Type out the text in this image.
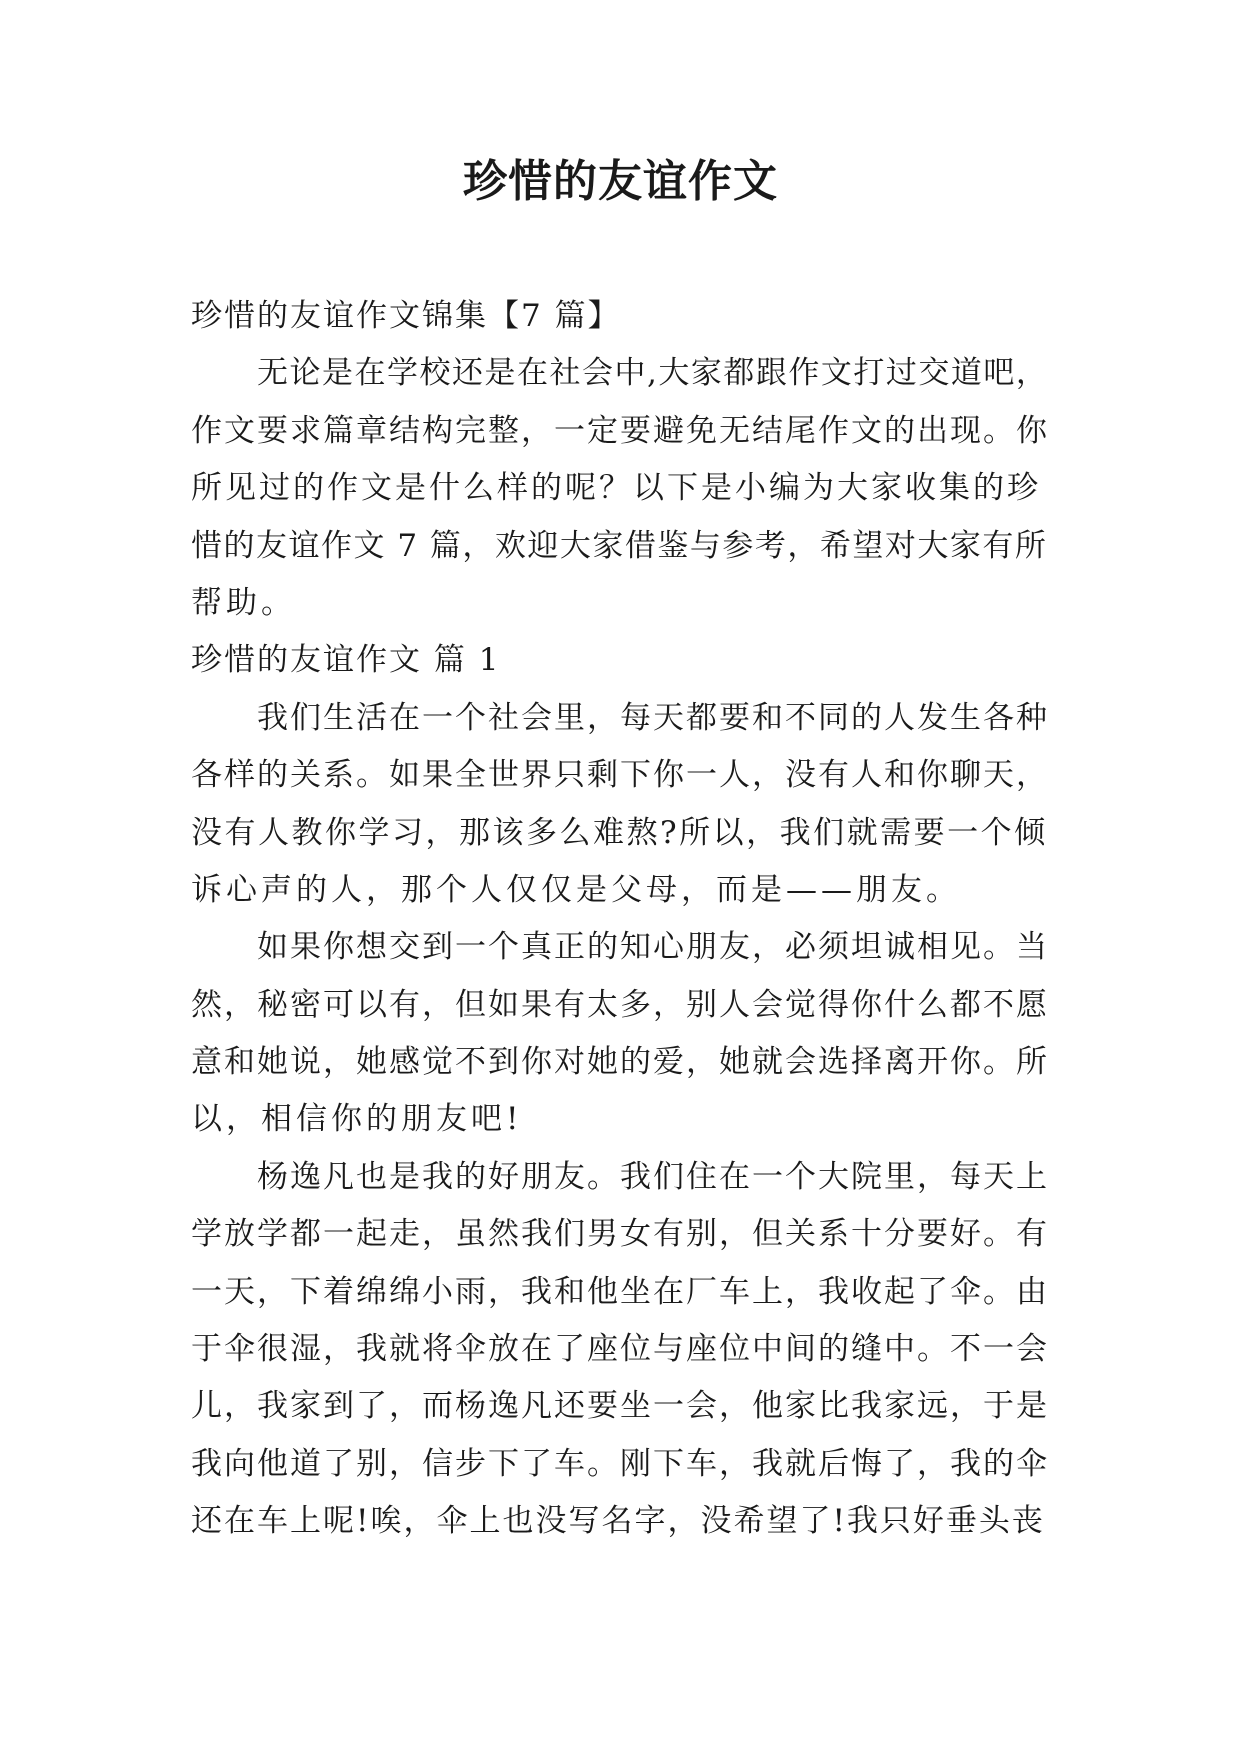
珍惜的友谊作文

珍惜的友谊作文锦集【7 篇】

无论是在学校还是在社会中,大家都跟作文打过交道吧，

作文要求篇章结构完整，一定要避免无结尾作文的出现。你

所见过的作文是什么样的呢？以下是小编为大家收集的珍

惜的友谊作文 7 篇，欢迎大家借鉴与参考，希望对大家有所

帮助。

珍惜的友谊作文 篇 1

我们生活在一个社会里，每天都要和不同的人发生各种

各样的关系。如果全世界只剩下你一人，没有人和你聊天，

没有人教你学习，那该多么难熬?所以，我们就需要一个倾

诉心声的人，那个人仅仅是父母，而是——朋友。

如果你想交到一个真正的知心朋友，必须坦诚相见。当

然，秘密可以有，但如果有太多，别人会觉得你什么都不愿

意和她说，她感觉不到你对她的爱，她就会选择离开你。所

以，相信你的朋友吧!

杨逸凡也是我的好朋友。我们住在一个大院里，每天上

学放学都一起走，虽然我们男女有别，但关系十分要好。有

一天，下着绵绵小雨，我和他坐在厂车上，我收起了伞。由

于伞很湿，我就将伞放在了座位与座位中间的缝中。不一会

儿，我家到了，而杨逸凡还要坐一会，他家比我家远，于是

我向他道了别，信步下了车。刚下车，我就后悔了，我的伞

还在车上呢!唉，伞上也没写名字，没希望了!我只好垂头丧
